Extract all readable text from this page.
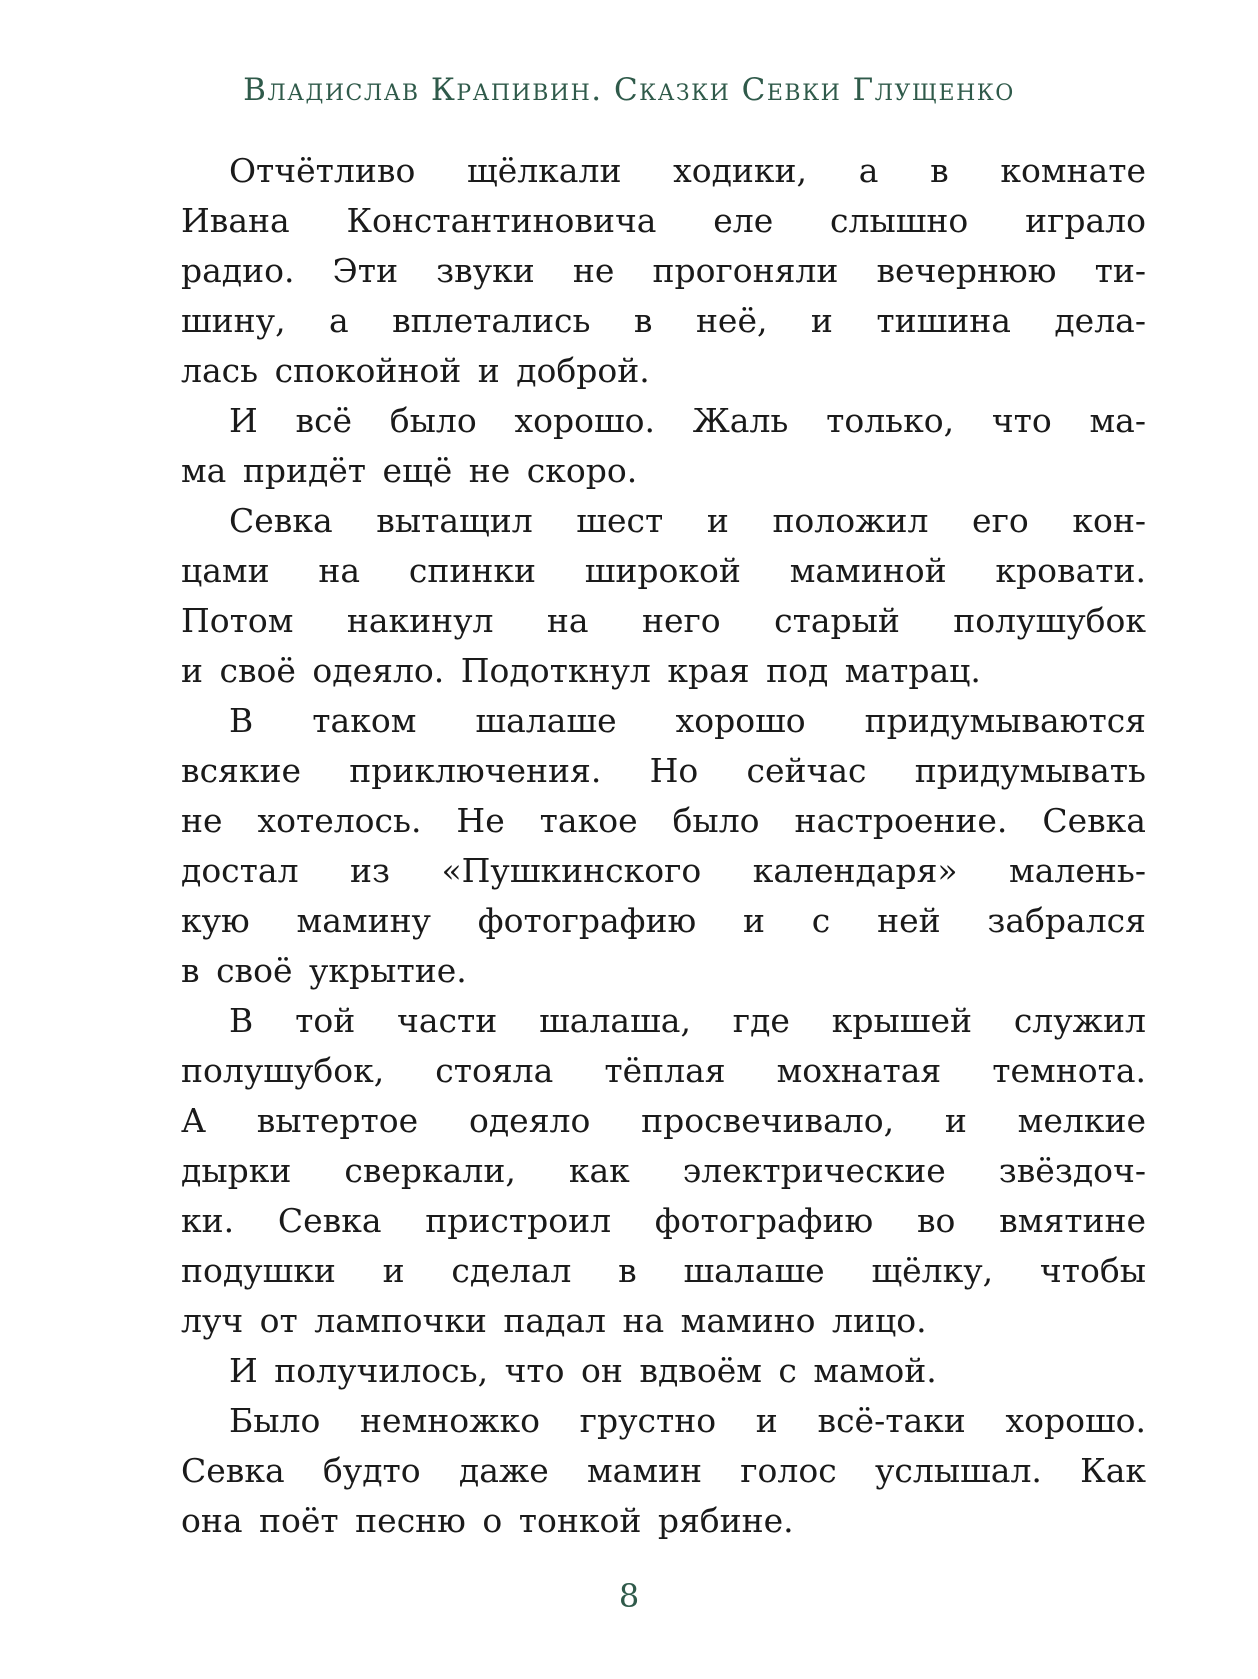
Владислав Крапивин. Сказки Севки Глущенко
Отчётливо щёлкали ходики, а в комнате
Ивана Константиновича еле слышно играло
радио. Эти звуки не прогоняли вечернюю ти-
шину, а вплетались в неё, и тишина дела-
лась спокойной и доброй.
И всё было хорошо. Жаль только, что ма-
ма придёт ещё не скоро.
Севка вытащил шест и положил его кон-
цами на спинки широкой маминой кровати.
Потом накинул на него старый полушубок
и своё одеяло. Подоткнул края под матрац.
В таком шалаше хорошо придумываются
всякие приключения. Но сейчас придумывать
не хотелось. Не такое было настроение. Севка
достал из «Пушкинского календаря» малень-
кую мамину фотографию и с ней забрался
в своё укрытие.
В той части шалаша, где крышей служил
полушубок, стояла тёплая мохнатая темнота.
А вытертое одеяло просвечивало, и мелкие
дырки сверкали, как электрические звёздоч-
ки. Севка пристроил фотографию во вмятине
подушки и сделал в шалаше щёлку, чтобы
луч от лампочки падал на мамино лицо.
И получилось, что он вдвоём с мамой.
Было немножко грустно и всё-таки хорошо.
Севка будто даже мамин голос услышал. Как
она поёт песню о тонкой рябине.
8
